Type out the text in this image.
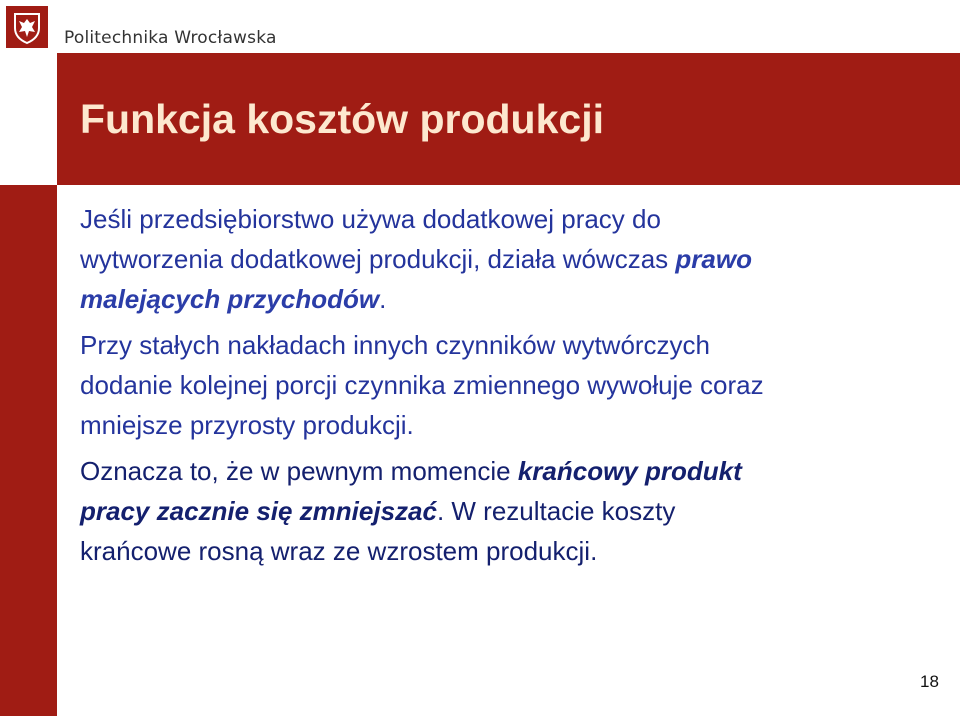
Politechnika Wrocławska
Funkcja kosztów produkcji

Jeśli przedsiębiorstwo używa dodatkowej pracy do
wytworzenia dodatkowej produkcji, działa wówczas prawo
malejących przychodów.

Przy stałych nakładach innych czynników wytwórczych
dodanie kolejnej porcji czynnika zmiennego wywołuje coraz
mniejsze przyrosty produkcji.

Oznacza to, że w pewnym momencie krańcowy produkt
pracy zacznie się zmniejszać. W rezultacie koszty
krańcowe rosną wraz ze wzrostem produkcji.

18
